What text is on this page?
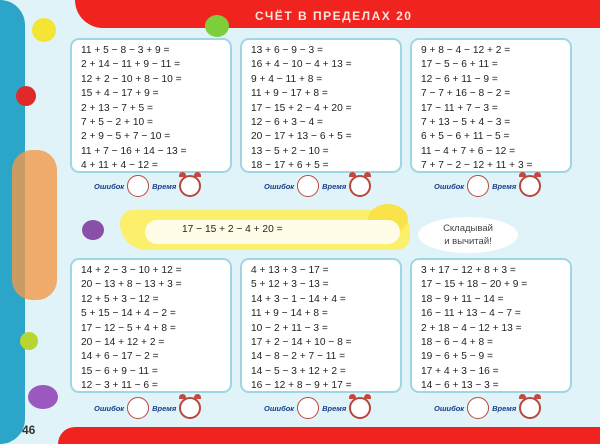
СЧЁТ В ПРЕДЕЛАХ 20
46
11 + 5 − 8 − 3 + 9 =
2 + 14 − 11 + 9 − 11 =
12 + 2 − 10 + 8 − 10 =
15 + 4 − 17 + 9 =
2 + 13 − 7 + 5 =
7 + 5 − 2 + 10 =
2 + 9 − 5 + 7 − 10 =
11 + 7 − 16 + 14 − 13 =
4 + 11 + 4 − 12 =
Ошибок	Время
13 + 6 − 9 − 3 =
16 + 4 − 10 − 4 + 13 =
9 + 4 − 11 + 8 =
11 + 9 − 17 + 8 =
17 − 15 + 2 − 4 + 20 =
12 − 6 + 3 − 4 =
20 − 17 + 13 − 6 + 5 =
13 − 5 + 2 − 10 =
18 − 17 + 6 + 5 =
Ошибок	Время
9 + 8 − 4 − 12 + 2 =
17 − 5 − 6 + 11 =
12 − 6 + 11 − 9 =
7 − 7 + 16 − 8 − 2 =
17 − 11 + 7 − 3 =
7 + 13 − 5 + 4 − 3 =
6 + 5 − 6 + 11 − 5 =
11 − 4 + 7 + 6 − 12 =
7 + 7 − 2 − 12 + 11 + 3 =
Ошибок	Время
14 + 2 − 3 − 10 + 12 =
20 − 13 + 8 − 13 + 3 =
12 + 5 + 3 − 12 =
5 + 15 − 14 + 4 − 2 =
17 − 12 − 5 + 4 + 8 =
20 − 14 + 12 + 2 =
14 + 6 − 17 − 2 =
15 − 6 + 9 − 11 =
12 − 3 + 11 − 6 =
Ошибок	Время
4 + 13 + 3 − 17 =
5 + 12 + 3 − 13 =
14 + 3 − 1 − 14 + 4 =
11 + 9 − 14 + 8 =
10 − 2 + 11 − 3 =
17 + 2 − 14 + 10 − 8 =
14 − 8 − 2 + 7 − 11 =
14 − 5 − 3 + 12 + 2 =
16 − 12 + 8 − 9 + 17 =
Ошибок	Время
3 + 17 − 12 + 8 + 3 =
17 − 15 + 18 − 20 + 9 =
18 − 9 + 11 − 14 =
16 − 11 + 13 − 4 − 7 =
2 + 18 − 4 − 12 + 13 =
18 − 6 − 4 + 8 =
19 − 6 + 5 − 9 =
17 + 4 + 3 − 16 =
14 − 6 + 13 − 3 =
Ошибок	Время
17 − 15 + 2 − 4 + 20 =	Складывай
и вычитай!
